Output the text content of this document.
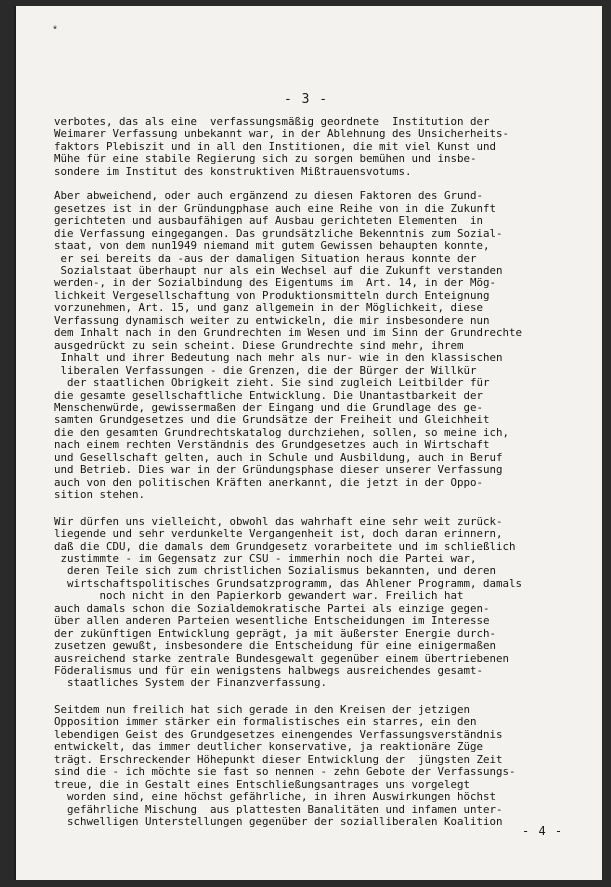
*
- 3 -
verbotes, das als eine  verfassungsmäßig geordnete  Institution der
Weimarer Verfassung unbekannt war, in der Ablehnung des Unsicherheits-
faktors Plebiszit und in all den Institionen, die mit viel Kunst und
Mühe für eine stabile Regierung sich zu sorgen bemühen und insbe-
sondere im Institut des konstruktiven Mißtrauensvotums.
Aber abweichend, oder auch ergänzend zu diesen Faktoren des Grund-
gesetzes ist in der Gründungphase auch eine Reihe von in die Zukunft
gerichteten und ausbaufähigen auf Ausbau gerichteten Elementen  in
die Verfassung eingegangen. Das grundsätzliche Bekenntnis zum Sozial-
staat, von dem nun1949 niemand mit gutem Gewissen behaupten konnte,
er sei bereits da -aus der damaligen Situation heraus konnte der
Sozialstaat überhaupt nur als ein Wechsel auf die Zukunft verstanden
werden-, in der Sozialbindung des Eigentums im  Art. 14, in der Mög-
lichkeit Vergesellschaftung von Produktionsmitteln durch Enteignung
vorzunehmen, Art. 15, und ganz allgemein in der Möglichkeit, diese
Verfassung dynamisch weiter zu entwickeln, die mir insbesondere nun
dem Inhalt nach in den Grundrechten im Wesen und im Sinn der Grundrechte
ausgedrückt zu sein scheint. Diese Grundrechte sind mehr, ihrem
Inhalt und ihrer Bedeutung nach mehr als nur- wie in den klassischen
liberalen Verfassungen - die Grenzen, die der Bürger der Willkür
der staatlichen Obrigkeit zieht. Sie sind zugleich Leitbilder für
die gesamte gesellschaftliche Entwicklung. Die Unantastbarkeit der
Menschenwürde, gewissermaßen der Eingang und die Grundlage des ge-
samten Grundgesetzes und die Grundsätze der Freiheit und Gleichheit
die den gesamten Grundrechtskatalog durchziehen, sollen, so meine ich,
nach einem rechten Verständnis des Grundgesetzes auch in Wirtschaft
und Gesellschaft gelten, auch in Schule und Ausbildung, auch in Beruf
und Betrieb. Dies war in der Gründungsphase dieser unserer Verfassung
auch von den politischen Kräften anerkannt, die jetzt in der Oppo-
sition stehen.
Wir dürfen uns vielleicht, obwohl das wahrhaft eine sehr weit zurück-
liegende und sehr verdunkelte Vergangenheit ist, doch daran erinnern,
daß die CDU, die damals dem Grundgesetz vorarbeitete und im schließlich
zustimmte - im Gegensatz zur CSU - immerhin noch die Partei war,
deren Teile sich zum christlichen Sozialismus bekannten, und deren
wirtschaftspolitisches Grundsatzprogramm, das Ahlener Programm, damals
noch nicht in den Papierkorb gewandert war. Freilich hat
auch damals schon die Sozialdemokratische Partei als einzige gegen-
über allen anderen Parteien wesentliche Entscheidungen im Interesse
der zukünftigen Entwicklung geprägt, ja mit äußerster Energie durch-
zusetzen gewußt, insbesondere die Entscheidung für eine einigermaßen
ausreichend starke zentrale Bundesgewalt gegenüber einem übertriebenen
Föderalismus und für ein wenigstens halbwegs ausreichendes gesamt-
staatliches System der Finanzverfassung.
Seitdem nun freilich hat sich gerade in den Kreisen der jetzigen
Opposition immer stärker ein formalistisches ein starres, ein den
lebendigen Geist des Grundgesetzes einengendes Verfassungsverständnis
entwickelt, das immer deutlicher konservative, ja reaktionäre Züge
trägt. Erschreckender Höhepunkt dieser Entwicklung der  jüngsten Zeit
sind die - ich möchte sie fast so nennen - zehn Gebote der Verfassungs-
treue, die in Gestalt eines Entschließungsantrages uns vorgelegt
worden sind, eine höchst gefährliche, in ihren Auswirkungen höchst
gefährliche Mischung  aus plattesten Banalitäten und infamen unter-
schwelligen Unterstellungen gegenüber der sozialliberalen Koalition
- 4 -
